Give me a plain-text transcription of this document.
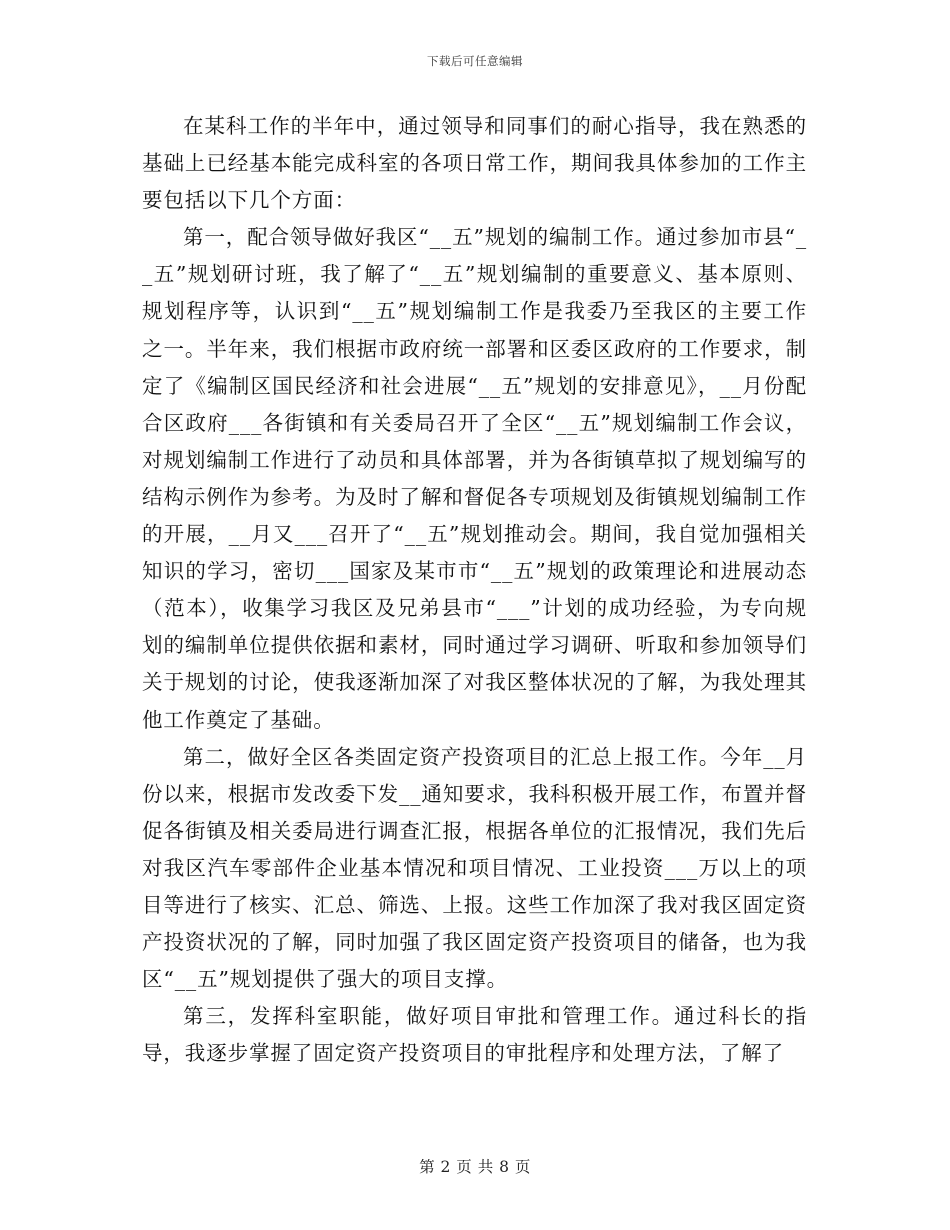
下载后可任意编辑

在某科工作的半年中，通过领导和同事们的耐心指导，我在熟悉的基础上已经基本能完成科室的各项日常工作，期间我具体参加的工作主要包括以下几个方面：

第一，配合领导做好我区“__五”规划的编制工作。通过参加市县“__五”规划研讨班，我了解了“__五”规划编制的重要意义、基本原则、规划程序等，认识到“__五”规划编制工作是我委乃至我区的主要工作之一。半年来，我们根据市政府统一部署和区委区政府的工作要求，制定了《编制区国民经济和社会进展“__五”规划的安排意见》，__月份配合区政府___各街镇和有关委局召开了全区“__五”规划编制工作会议，对规划编制工作进行了动员和具体部署，并为各街镇草拟了规划编写的结构示例作为参考。为及时了解和督促各专项规划及街镇规划编制工作的开展，__月又___召开了“__五”规划推动会。期间，我自觉加强相关知识的学习，密切___国家及某市市“__五”规划的政策理论和进展动态（范本），收集学习我区及兄弟县市“___”计划的成功经验，为专向规划的编制单位提供依据和素材，同时通过学习调研、听取和参加领导们关于规划的讨论，使我逐渐加深了对我区整体状况的了解，为我处理其他工作奠定了基础。

第二，做好全区各类固定资产投资项目的汇总上报工作。今年__月份以来，根据市发改委下发__通知要求，我科积极开展工作，布置并督促各街镇及相关委局进行调查汇报，根据各单位的汇报情况，我们先后对我区汽车零部件企业基本情况和项目情况、工业投资___万以上的项目等进行了核实、汇总、筛选、上报。这些工作加深了我对我区固定资产投资状况的了解，同时加强了我区固定资产投资项目的储备，也为我区“__五”规划提供了强大的项目支撑。

第三，发挥科室职能，做好项目审批和管理工作。通过科长的指导，我逐步掌握了固定资产投资项目的审批程序和处理方法，了解了

第 2 页 共 8 页
